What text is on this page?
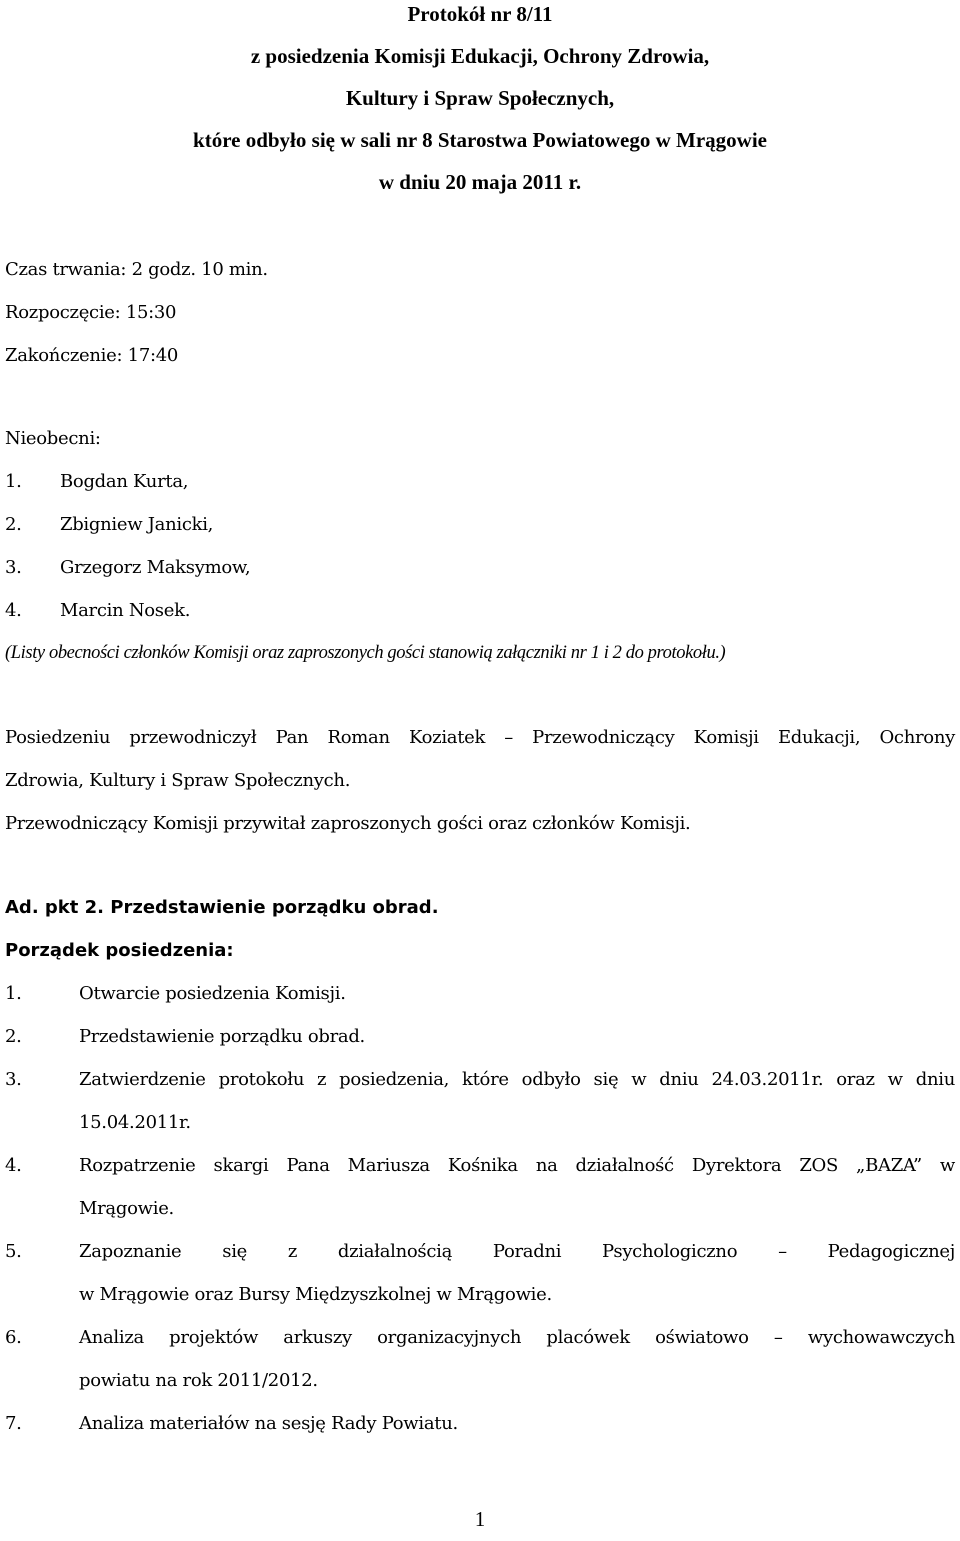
Protokół nr 8/11
z posiedzenia Komisji Edukacji, Ochrony Zdrowia,
Kultury i Spraw Społecznych,
które odbyło się w sali nr 8 Starostwa Powiatowego w Mrągowie
w dniu 20 maja 2011 r.
Czas trwania: 2 godz. 10 min.
Rozpoczęcie: 15:30
Zakończenie: 17:40
Nieobecni:
1.	Bogdan Kurta,
2.	Zbigniew Janicki,
3.	Grzegorz Maksymow,
4.	Marcin Nosek.
(Listy obecności członków Komisji oraz zaproszonych gości stanowią załączniki nr 1 i 2 do protokołu.)
Posiedzeniu przewodniczył Pan Roman Koziatek – Przewodniczący Komisji Edukacji, Ochrony
Zdrowia, Kultury i Spraw Społecznych.
Przewodniczący Komisji przywitał zaproszonych gości oraz członków Komisji.
Ad. pkt 2. Przedstawienie porządku obrad.
Porządek posiedzenia:
1.	Otwarcie posiedzenia Komisji.
2.	Przedstawienie porządku obrad.
3.	Zatwierdzenie protokołu z posiedzenia, które odbyło się w dniu 24.03.2011r. oraz w dniu
15.04.2011r.
4.	Rozpatrzenie skargi Pana Mariusza Kośnika na działalność Dyrektora ZOS „BAZA” w
Mrągowie.
5.	Zapoznanie się z działalnością Poradni Psychologiczno – Pedagogicznej
w Mrągowie oraz Bursy Międzyszkolnej w Mrągowie.
6.	Analiza projektów arkuszy organizacyjnych placówek oświatowo – wychowawczych
powiatu na rok 2011/2012.
7.	Analiza materiałów na sesję Rady Powiatu.
1
